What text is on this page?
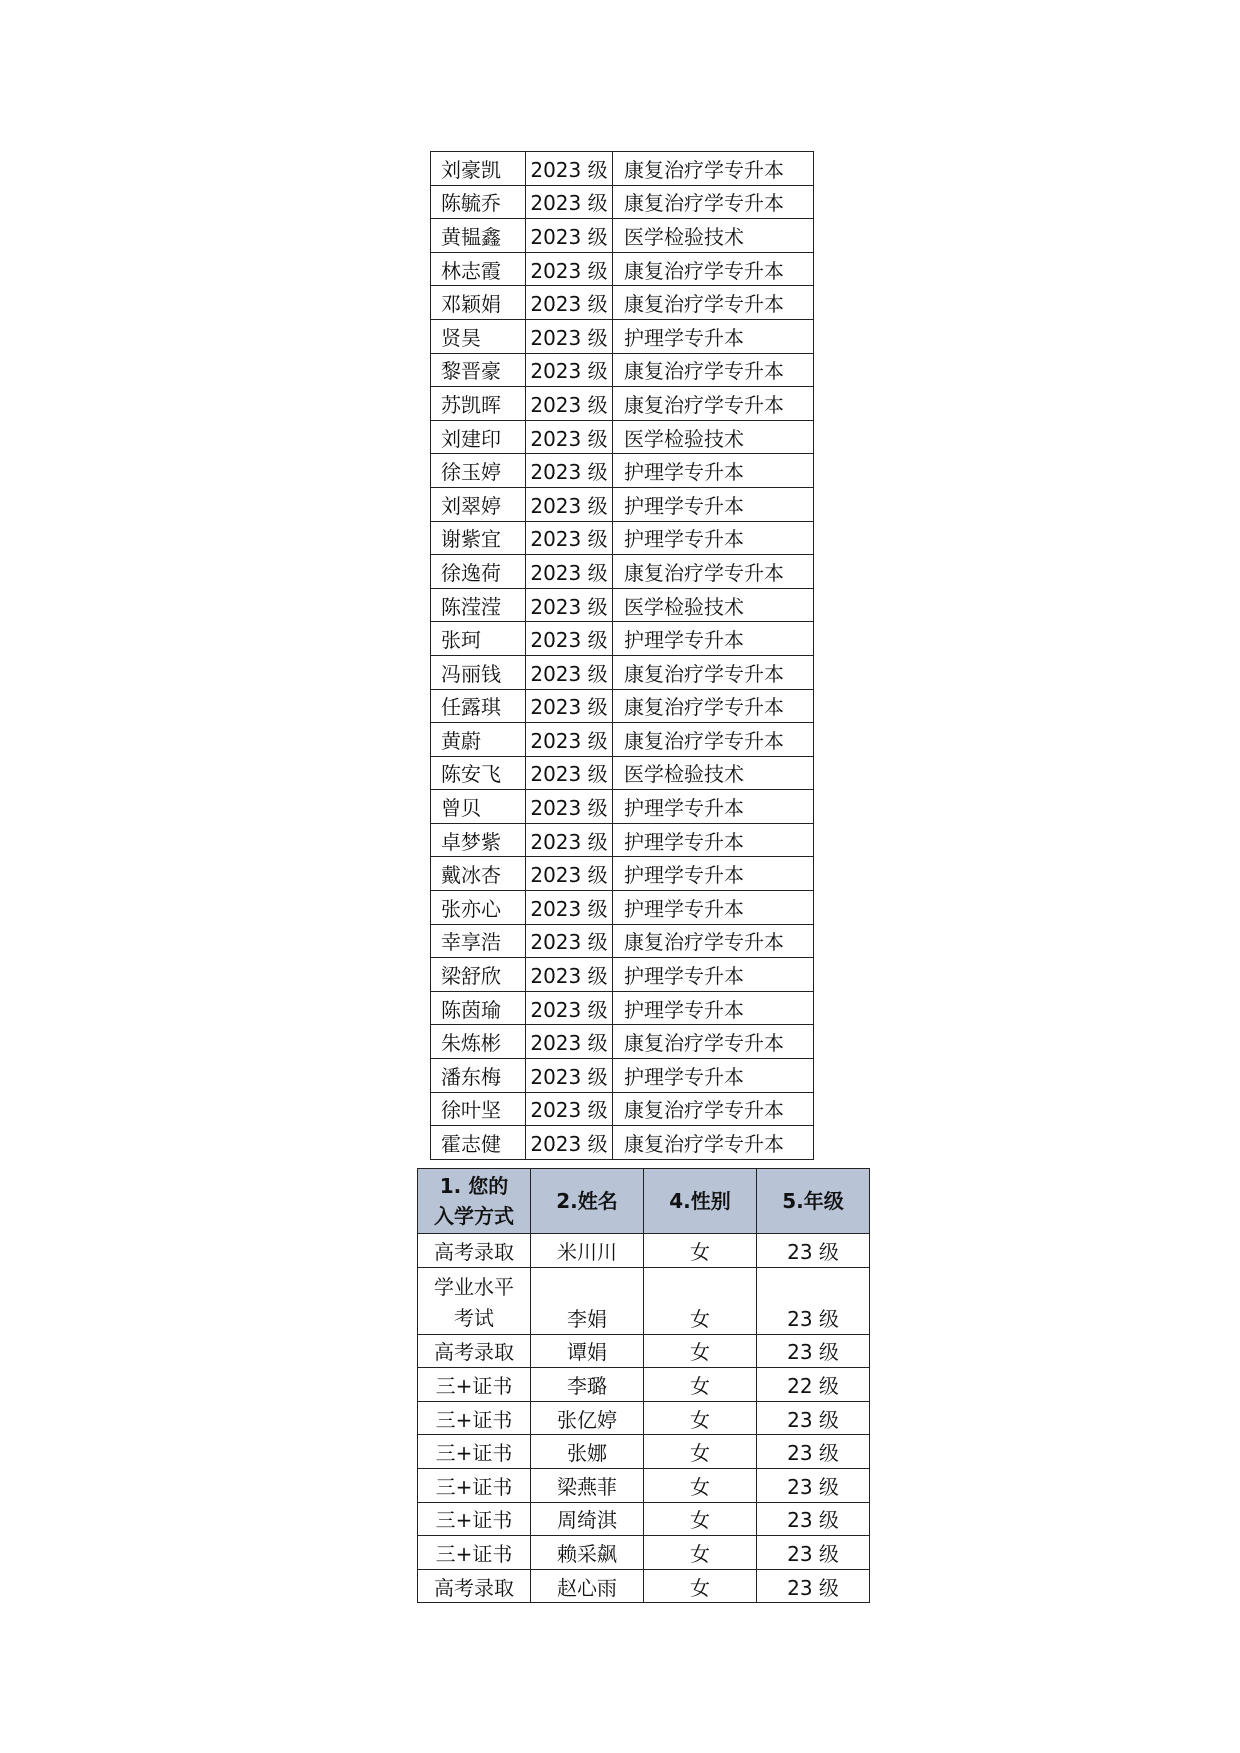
刘豪凯	2023 级	康复治疗学专升本
陈毓乔	2023 级	康复治疗学专升本
黄韫鑫	2023 级	医学检验技术
林志霞	2023 级	康复治疗学专升本
邓颖娟	2023 级	康复治疗学专升本
贤昊	2023 级	护理学专升本
黎晋豪	2023 级	康复治疗学专升本
苏凯晖	2023 级	康复治疗学专升本
刘建印	2023 级	医学检验技术
徐玉婷	2023 级	护理学专升本
刘翠婷	2023 级	护理学专升本
谢紫宜	2023 级	护理学专升本
徐逸荷	2023 级	康复治疗学专升本
陈滢滢	2023 级	医学检验技术
张珂	2023 级	护理学专升本
冯丽钱	2023 级	康复治疗学专升本
任露琪	2023 级	康复治疗学专升本
黄蔚	2023 级	康复治疗学专升本
陈安飞	2023 级	医学检验技术
曾贝	2023 级	护理学专升本
卓梦紫	2023 级	护理学专升本
戴冰杏	2023 级	护理学专升本
张亦心	2023 级	护理学专升本
幸享浩	2023 级	康复治疗学专升本
梁舒欣	2023 级	护理学专升本
陈茵瑜	2023 级	护理学专升本
朱炼彬	2023 级	康复治疗学专升本
潘东梅	2023 级	护理学专升本
徐叶坚	2023 级	康复治疗学专升本
霍志健	2023 级	康复治疗学专升本
1. 您的入学方式	2.姓名	4.性别	5.年级
高考录取	米川川	女	23 级
学业水平考试	李娟	女	23 级
高考录取	谭娟	女	23 级
三+证书	李璐	女	22 级
三+证书	张亿婷	女	23 级
三+证书	张娜	女	23 级
三+证书	梁燕菲	女	23 级
三+证书	周绮淇	女	23 级
三+证书	赖采飙	女	23 级
高考录取	赵心雨	女	23 级
